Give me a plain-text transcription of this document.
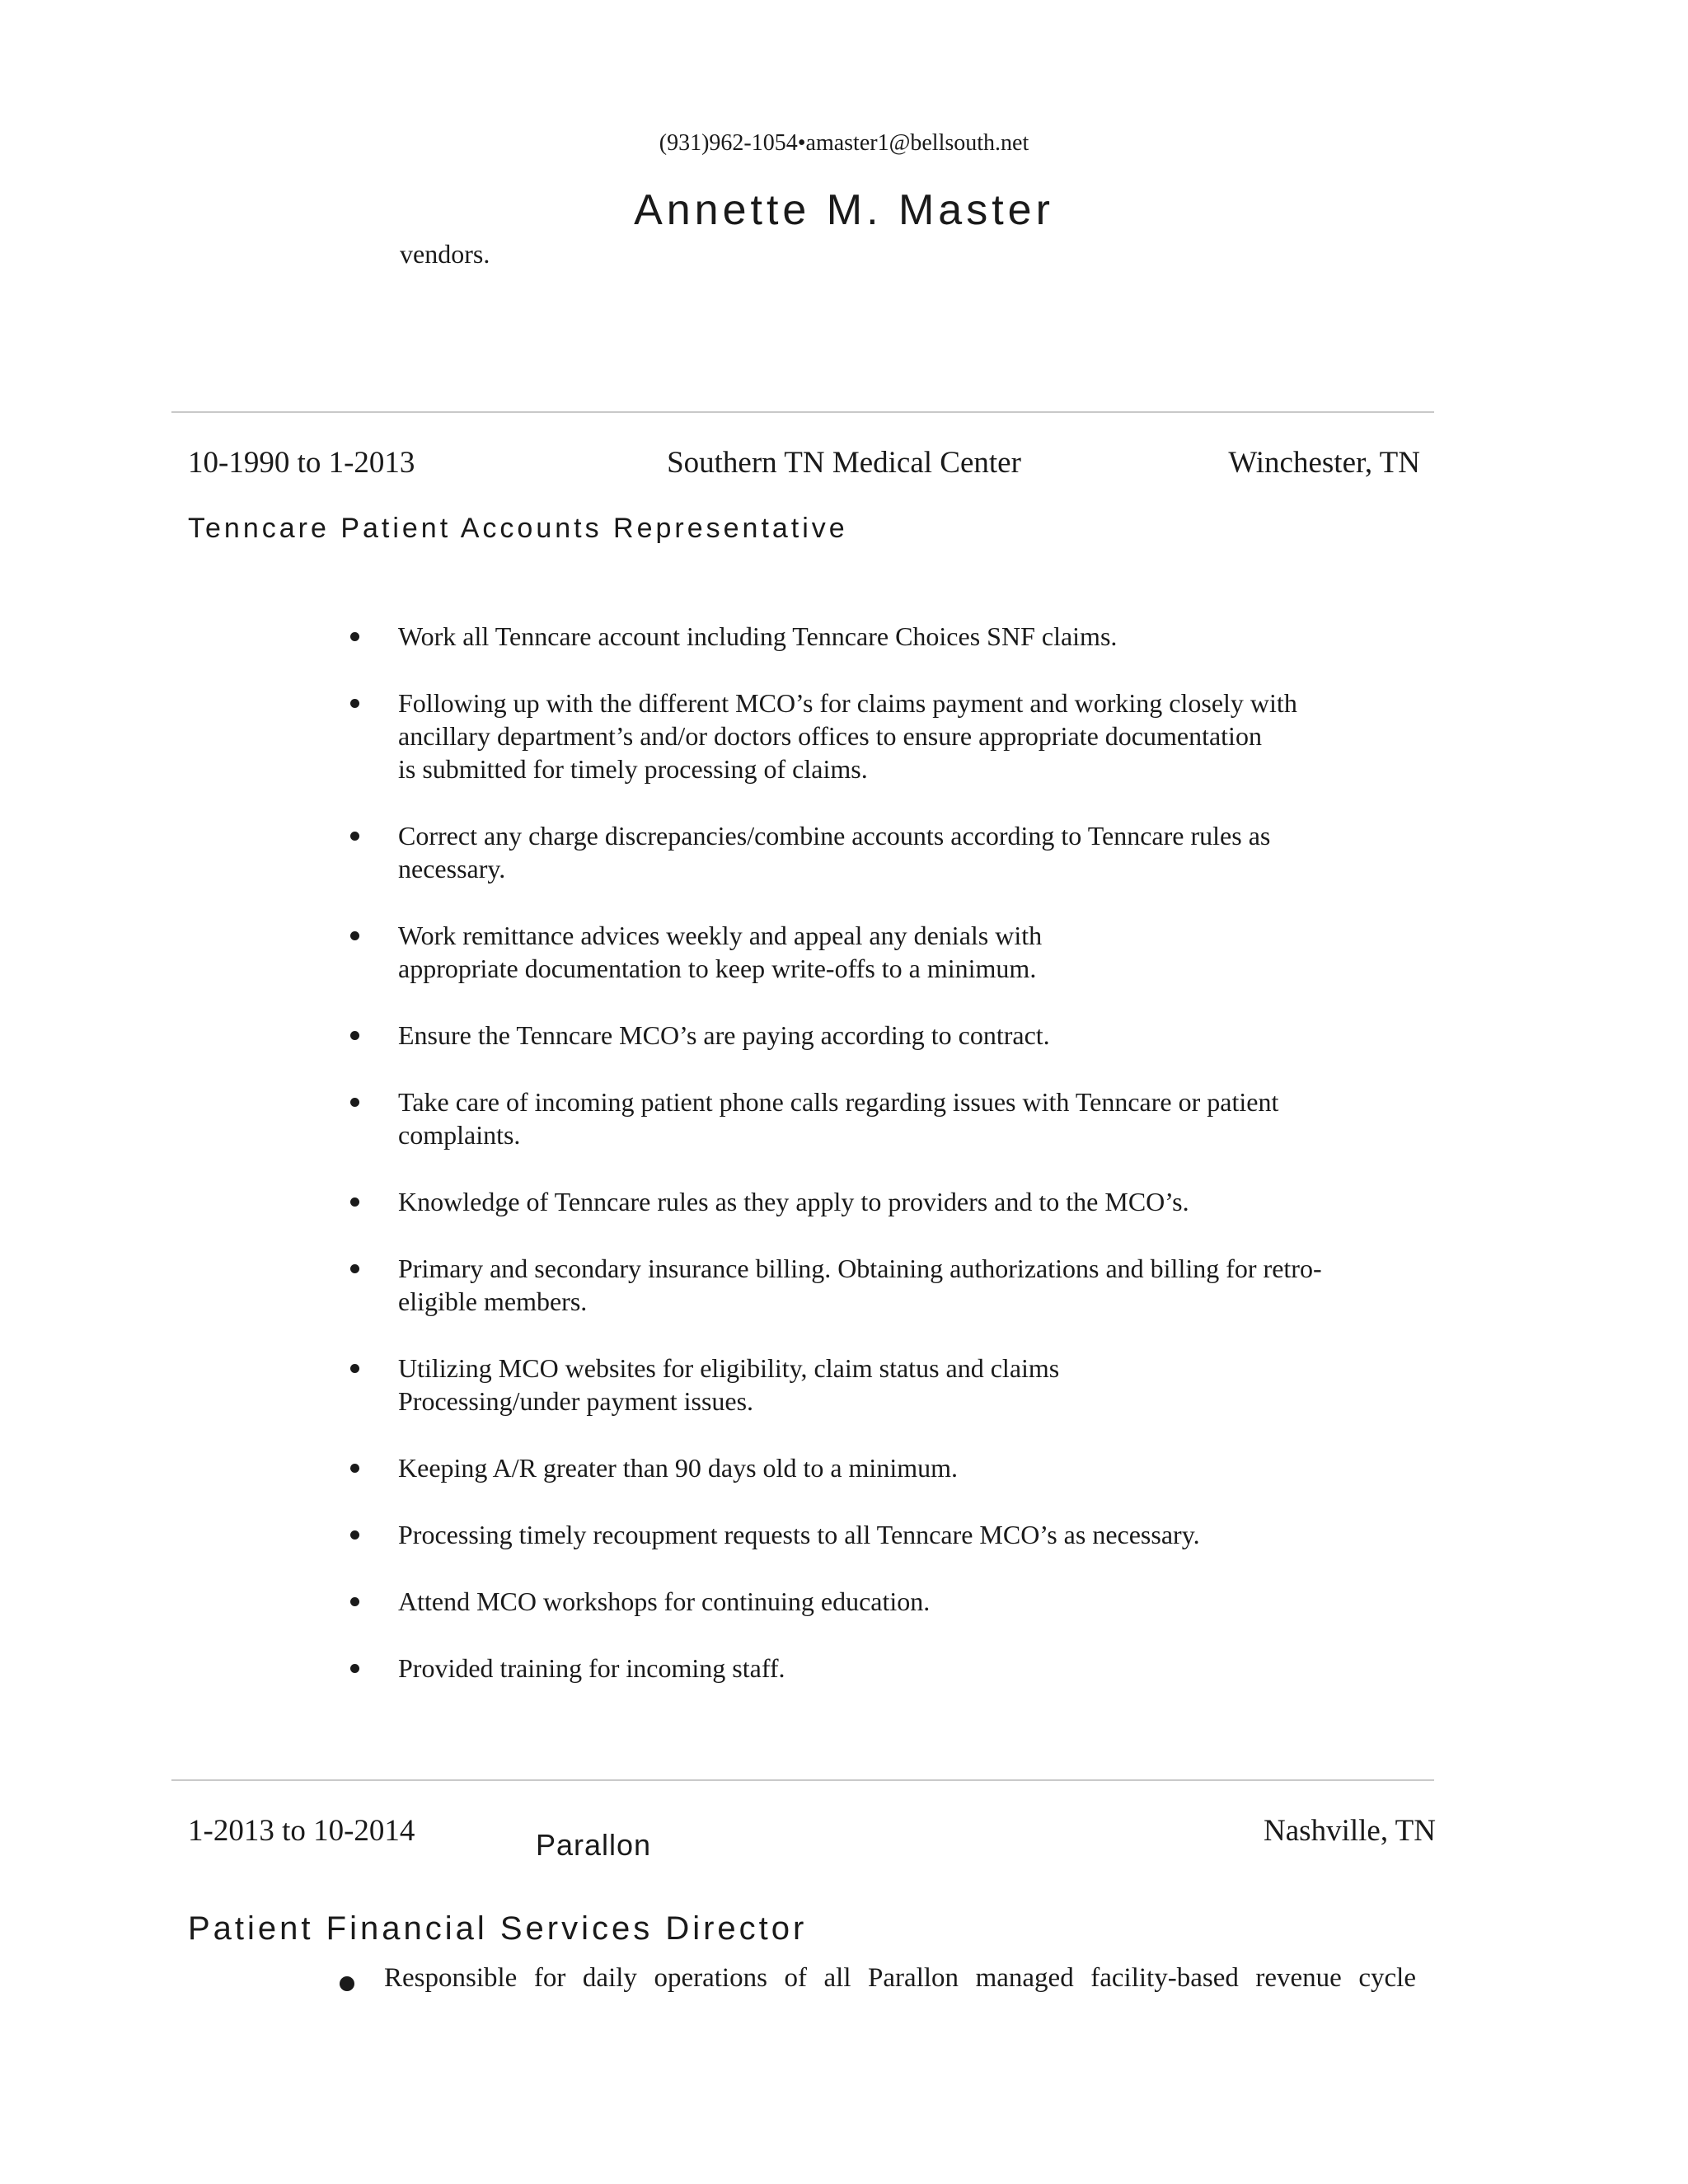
(931)962-1054•amaster1@bellsouth.net
Annette M. Master
vendors.
10-1990 to 1-2013	Southern TN Medical Center	Winchester, TN
Tenncare Patient Accounts Representative
Work all Tenncare account including Tenncare Choices SNF claims.
Following up with the different MCO’s for claims payment and working closely with
ancillary department’s and/or doctors offices to ensure appropriate documentation
is submitted for timely processing of claims.
Correct any charge discrepancies/combine accounts according to Tenncare rules as
necessary.
Work remittance advices weekly and appeal any denials with
appropriate documentation to keep write-offs to a minimum.
Ensure the Tenncare MCO’s are paying according to contract.
Take care of incoming patient phone calls regarding issues with Tenncare or patient
complaints.
Knowledge of Tenncare rules as they apply to providers and to the MCO’s.
Primary and secondary insurance billing. Obtaining authorizations and billing for retro-
eligible members.
Utilizing MCO websites for eligibility, claim status and claims
Processing/under payment issues.
Keeping A/R greater than 90 days old to a minimum.
Processing timely recoupment requests to all Tenncare MCO’s as necessary.
Attend MCO workshops for continuing education.
Provided training for incoming staff.
1-2013 to 10-2014	Parallon	Nashville, TN
Patient Financial Services Director
Responsible for daily operations of all Parallon managed facility-based revenue cycle
